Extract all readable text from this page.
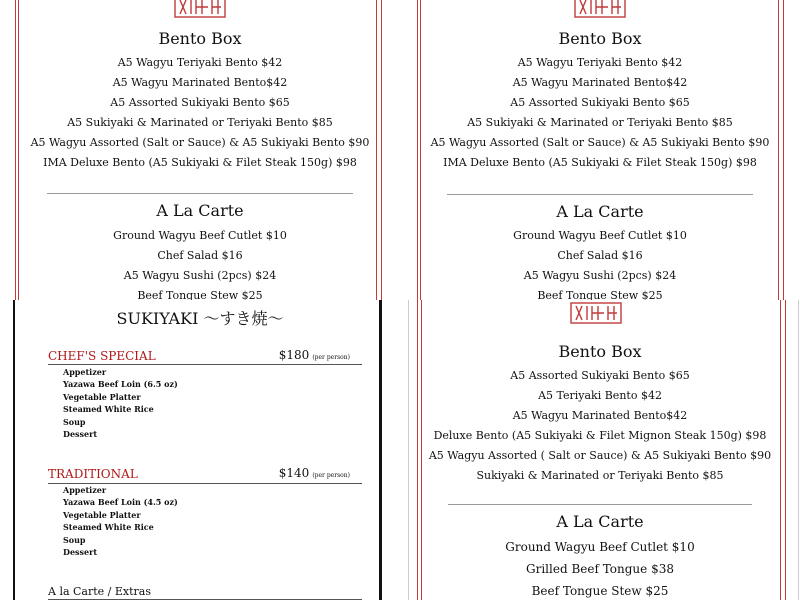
Bento Box
A5 Wagyu Teriyaki Bento $42
A5 Wagyu Marinated Bento$42
A5 Assorted Sukiyaki Bento $65
A5 Sukiyaki & Marinated or Teriyaki Bento $85
A5 Wagyu Assorted (Salt or Sauce) & A5 Sukiyaki Bento $90
IMA Deluxe Bento (A5 Sukiyaki & Filet Steak 150g) $98
A La Carte
Ground Wagyu Beef Cutlet $10
Chef Salad $16
A5 Wagyu Sushi (2pcs) $24
Beef Tongue Stew $25
Bento Box
A5 Wagyu Teriyaki Bento $42
A5 Wagyu Marinated Bento$42
A5 Assorted Sukiyaki Bento $65
A5 Sukiyaki & Marinated or Teriyaki Bento $85
A5 Wagyu Assorted (Salt or Sauce) & A5 Sukiyaki Bento $90
IMA Deluxe Bento (A5 Sukiyaki & Filet Steak 150g) $98
A La Carte
Ground Wagyu Beef Cutlet $10
Chef Salad $16
A5 Wagyu Sushi (2pcs) $24
Beef Tongue Stew $25
SUKIYAKI ～すき焼～
CHEF'S SPECIAL	$180 (per person)
Appetizer
Yazawa Beef Loin (6.5 oz)
Vegetable Platter
Steamed White Rice
Soup
Dessert
TRADITIONAL	$140 (per person)
Appetizer
Yazawa Beef Loin (4.5 oz)
Vegetable Platter
Steamed White Rice
Soup
Dessert
A la Carte / Extras
Bento Box
A5 Assorted Sukiyaki Bento $65
A5 Teriyaki Bento $42
A5 Wagyu Marinated Bento$42
Deluxe Bento (A5 Sukiyaki & Filet Mignon Steak 150g) $98
A5 Wagyu Assorted ( Salt or Sauce) & A5 Sukiyaki Bento $90
Sukiyaki & Marinated or Teriyaki Bento $85
A La Carte
Ground Wagyu Beef Cutlet $10
Grilled Beef Tongue $38
Beef Tongue Stew $25
